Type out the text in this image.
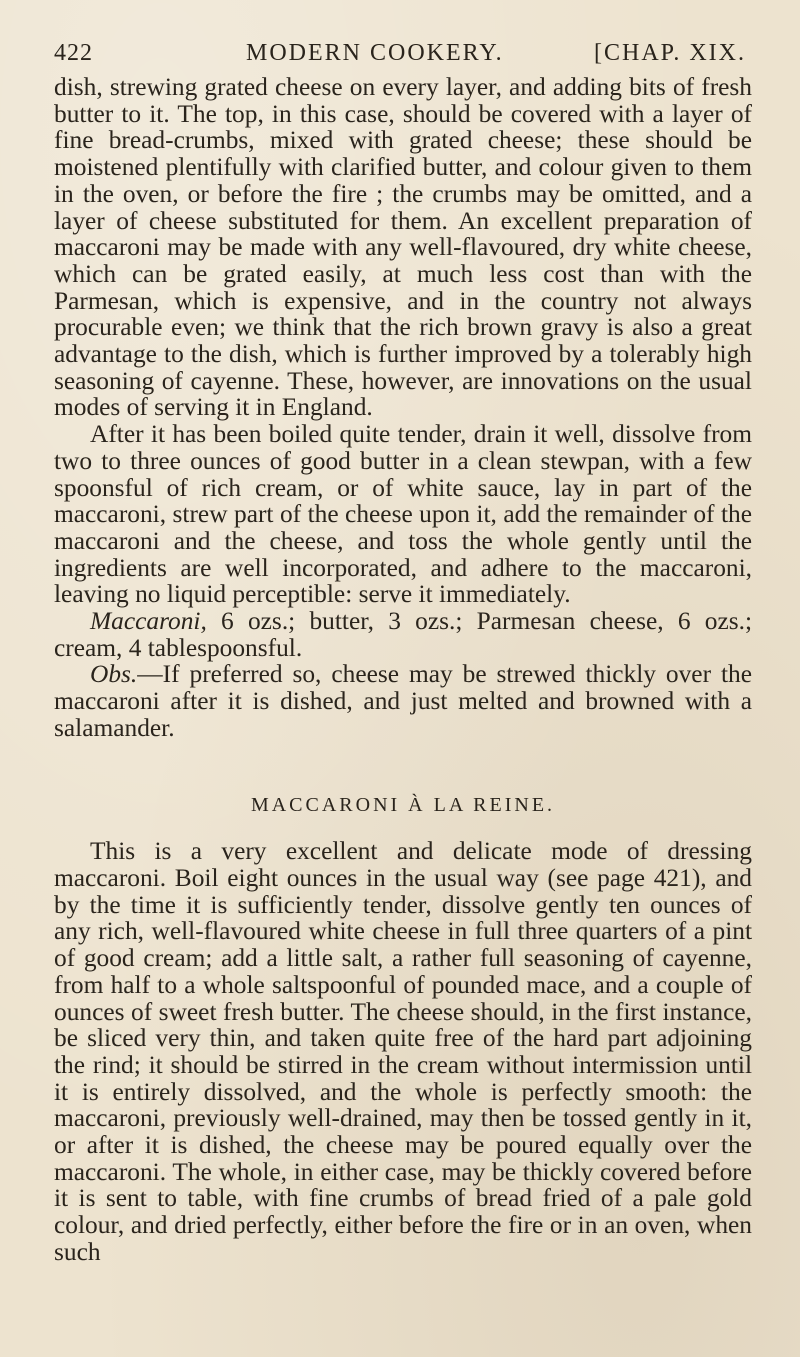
422	MODERN COOKERY.	[CHAP. XIX.

dish, strewing grated cheese on every layer, and adding bits of fresh butter to it. The top, in this case, should be covered with a layer of fine bread-crumbs, mixed with grated cheese; these should be moistened plentifully with clarified butter, and colour given to them in the oven, or before the fire ; the crumbs may be omitted, and a layer of cheese substituted for them. An excellent preparation of maccaroni may be made with any well-flavoured, dry white cheese, which can be grated easily, at much less cost than with the Parmesan, which is expensive, and in the country not always procurable even; we think that the rich brown gravy is also a great advantage to the dish, which is further improved by a tolerably high seasoning of cayenne. These, however, are innovations on the usual modes of serving it in England.

After it has been boiled quite tender, drain it well, dissolve from two to three ounces of good butter in a clean stewpan, with a few spoonsful of rich cream, or of white sauce, lay in part of the maccaroni, strew part of the cheese upon it, add the remainder of the maccaroni and the cheese, and toss the whole gently until the ingredients are well incorporated, and adhere to the maccaroni, leaving no liquid perceptible: serve it immediately.

Maccaroni, 6 ozs.; butter, 3 ozs.; Parmesan cheese, 6 ozs.; cream, 4 tablespoonsful.

Obs.—If preferred so, cheese may be strewed thickly over the maccaroni after it is dished, and just melted and browned with a salamander.

MACCARONI À LA REINE.

This is a very excellent and delicate mode of dressing maccaroni. Boil eight ounces in the usual way (see page 421), and by the time it is sufficiently tender, dissolve gently ten ounces of any rich, well-flavoured white cheese in full three quarters of a pint of good cream; add a little salt, a rather full seasoning of cayenne, from half to a whole saltspoonful of pounded mace, and a couple of ounces of sweet fresh butter. The cheese should, in the first instance, be sliced very thin, and taken quite free of the hard part adjoining the rind; it should be stirred in the cream without intermission until it is entirely dissolved, and the whole is perfectly smooth: the maccaroni, previously well-drained, may then be tossed gently in it, or after it is dished, the cheese may be poured equally over the maccaroni. The whole, in either case, may be thickly covered before it is sent to table, with fine crumbs of bread fried of a pale gold colour, and dried perfectly, either before the fire or in an oven, when such
